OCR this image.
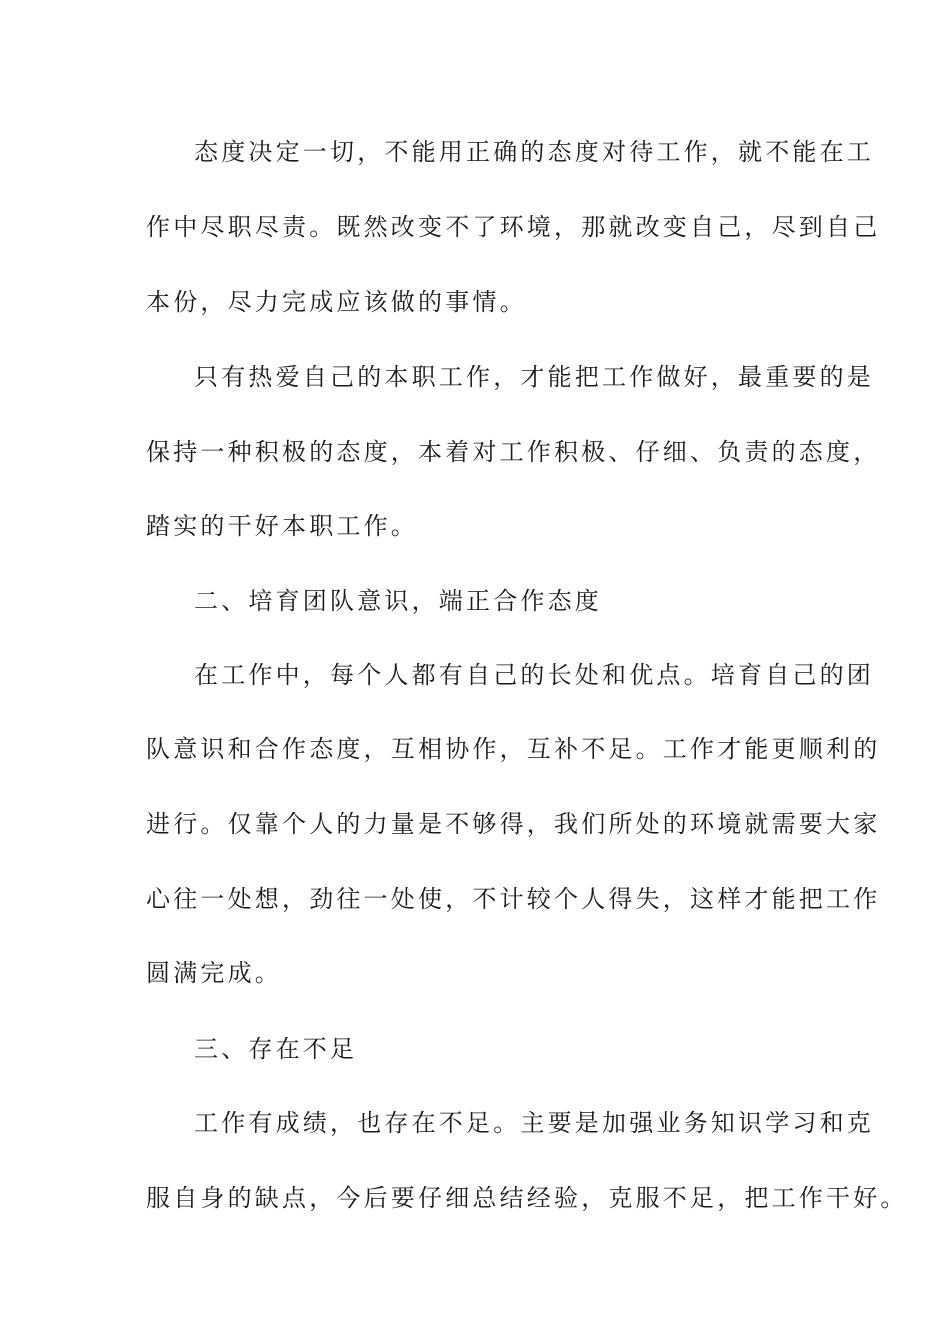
态度决定一切，不能用正确的态度对待工作，就不能在工
作中尽职尽责。既然改变不了环境，那就改变自己，尽到自己
本份，尽力完成应该做的事情。
只有热爱自己的本职工作，才能把工作做好，最重要的是
保持一种积极的态度，本着对工作积极、仔细、负责的态度，
踏实的干好本职工作。
二、培育团队意识，端正合作态度
在工作中，每个人都有自己的长处和优点。培育自己的团
队意识和合作态度，互相协作，互补不足。工作才能更顺利的
进行。仅靠个人的力量是不够得，我们所处的环境就需要大家
心往一处想，劲往一处使，不计较个人得失，这样才能把工作
圆满完成。
三、存在不足
工作有成绩，也存在不足。主要是加强业务知识学习和克
服自身的缺点，今后要仔细总结经验，克服不足，把工作干好。
